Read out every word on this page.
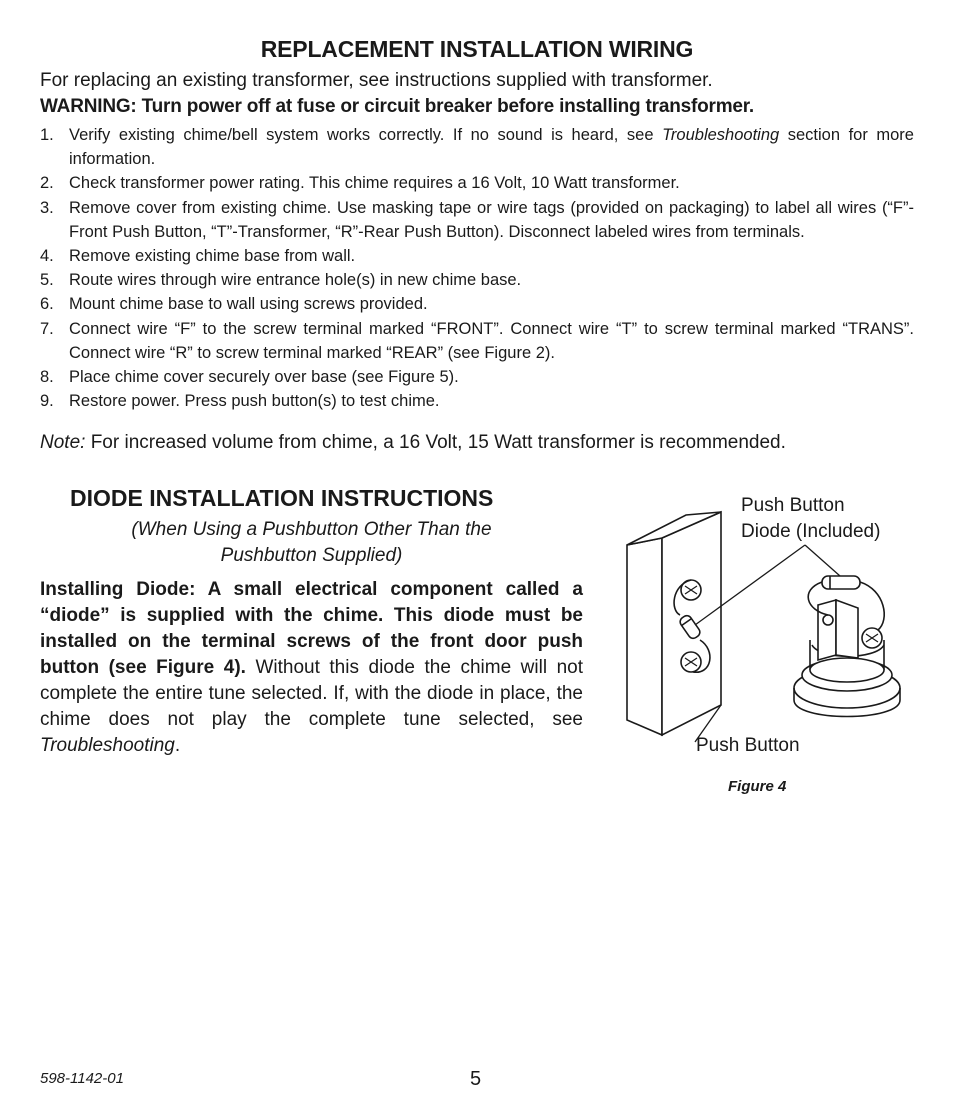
REPLACEMENT INSTALLATION WIRING
For replacing an existing transformer, see instructions supplied with transformer.
WARNING: Turn power off at fuse or circuit breaker before installing transformer.
1. Verify existing chime/bell system works correctly. If no sound is heard, see Troubleshooting section for more information.
2. Check transformer power rating. This chime requires a 16 Volt, 10 Watt transformer.
3. Remove cover from existing chime. Use masking tape or wire tags (provided on packaging) to label all wires (“F”-Front Push Button, “T”-Transformer, “R”-Rear Push Button). Disconnect labeled wires from terminals.
4. Remove existing chime base from wall.
5. Route wires through wire entrance hole(s) in new chime base.
6. Mount chime base to wall using screws provided.
7. Connect wire “F” to the screw terminal marked “FRONT”. Connect wire “T” to screw terminal marked “TRANS”. Connect wire “R” to screw terminal marked “REAR” (see Figure 2).
8. Place chime cover securely over base (see Figure 5).
9. Restore power. Press push button(s) to test chime.
Note: For increased volume from chime, a 16 Volt, 15 Watt transformer is recommended.
DIODE INSTALLATION INSTRUCTIONS
(When Using a Pushbutton Other Than the
Pushbutton Supplied)
Installing Diode: A small electrical component called a “diode” is supplied with the chime. This diode must be installed on the terminal screws of the front door push button (see Figure 4). Without this diode the chime will not complete the entire tune selected. If, with the diode in place, the chime does not play the complete tune selected, see Troubleshooting.
Push Button
Diode (Included)
Push Button
Figure 4
598-1142-01	5
